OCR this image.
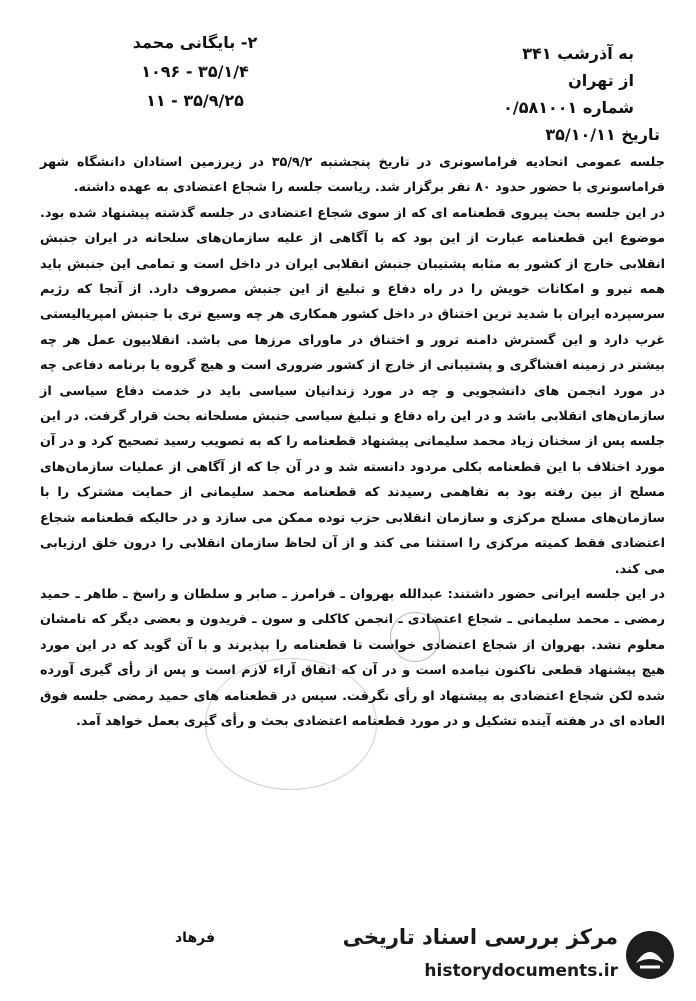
۲- بایگانی محمد
۳۵/۱/۴ - ۱۰۹۶
۳۵/۹/۲۵ - ۱۱
به آذرشب ۳۴۱
از تهران
شماره ۰/۵۸۱۰۰۱
تاریخ ۳۵/۱۰/۱۱

جلسه عمومی اتحادیه فراماسونری در تاریخ پنجشنبه ۳۵/۹/۲ در زیرزمین استادان دانشگاه شهر فراماسونری با حضور حدود ۸۰ نفر برگزار شد. ریاست جلسه را شجاع اعتضادی به عهده داشته.

در این جلسه بحث پیروی قطعنامه ای که از سوی شجاع اعتضادی در جلسه گذشته پیشنهاد شده بود. موضوع این قطعنامه عبارت از این بود که با آگاهی از علیه سازمان‌های سلحانه در ایران جنبش انقلابی خارج از کشور به مثابه پشتیبان جنبش انقلابی ایران در داخل است و تمامی این جنبش باید همه نیرو و امکانات خویش را در راه دفاع و تبلیغ از این جنبش مصروف دارد. از آنجا که رژیم سرسپرده ایران با شدید ترین اختناق در داخل کشور همکاری هر چه وسیع تری با جنبش امپریالیستی غرب دارد و این گسترش دامنه ترور و اختناق در ماورای مرزها می باشد. انقلابیون عمل هر چه بیشتر در زمینه افشاگری و پشتیبانی از خارج از کشور ضروری است و هیچ گروه یا برنامه دفاعی چه در مورد انجمن های دانشجویی و چه در مورد زندانیان سیاسی باید در خدمت دفاع سیاسی از سازمان‌های انقلابی باشد و در این راه دفاع و تبلیغ سیاسی جنبش مسلحانه بحث قرار گرفت. در این جلسه پس از سخنان زیاد محمد سلیمانی پیشنهاد قطعنامه را که به تصویب رسید تصحیح کرد و در آن مورد اختلاف با این قطعنامه بکلی مردود دانسته شد و در آن جا که از آگاهی از عملیات سازمان‌های مسلح از بین رفته بود به تفاهمی رسیدند که قطعنامه محمد سلیمانی از حمایت مشترک را با سازمان‌های مسلح مرکزی و سازمان انقلابی حزب توده ممکن می سازد و در حالیکه قطعنامه شجاع اعتضادی فقط کمیته مرکزی را استثنا می کند و از آن لحاظ سازمان انقلابی را درون خلق ارزیابی می کند.

در این جلسه ایرانی حضور داشتند: عبدالله بهروان ـ فرامرز ـ صابر و سلطان و راسخ ـ طاهر ـ حمید رمضی ـ محمد سلیمانی ـ شجاع اعتضادی ـ انجمن کاکلی و سون ـ فریدون و بعضی دیگر که نامشان معلوم نشد. بهروان از شجاع اعتضادی خواست تا قطعنامه را بپذیرند و با آن گوید که در این مورد هیچ پیشنهاد قطعی تاکنون نیامده است و در آن که اتفاق آراء لازم است و پس از رأی گیری آورده شده لکن شجاع اعتضادی به پیشنهاد او رأی نگرفت. سپس در قطعنامه های حمید رمضی جلسه فوق العاده ای در هفته آینده تشکیل و در مورد قطعنامه اعتضادی بحث و رأی گیری بعمل خواهد آمد.

فرهاد	مرکز بررسی اسناد تاریخی
historydocuments.ir
